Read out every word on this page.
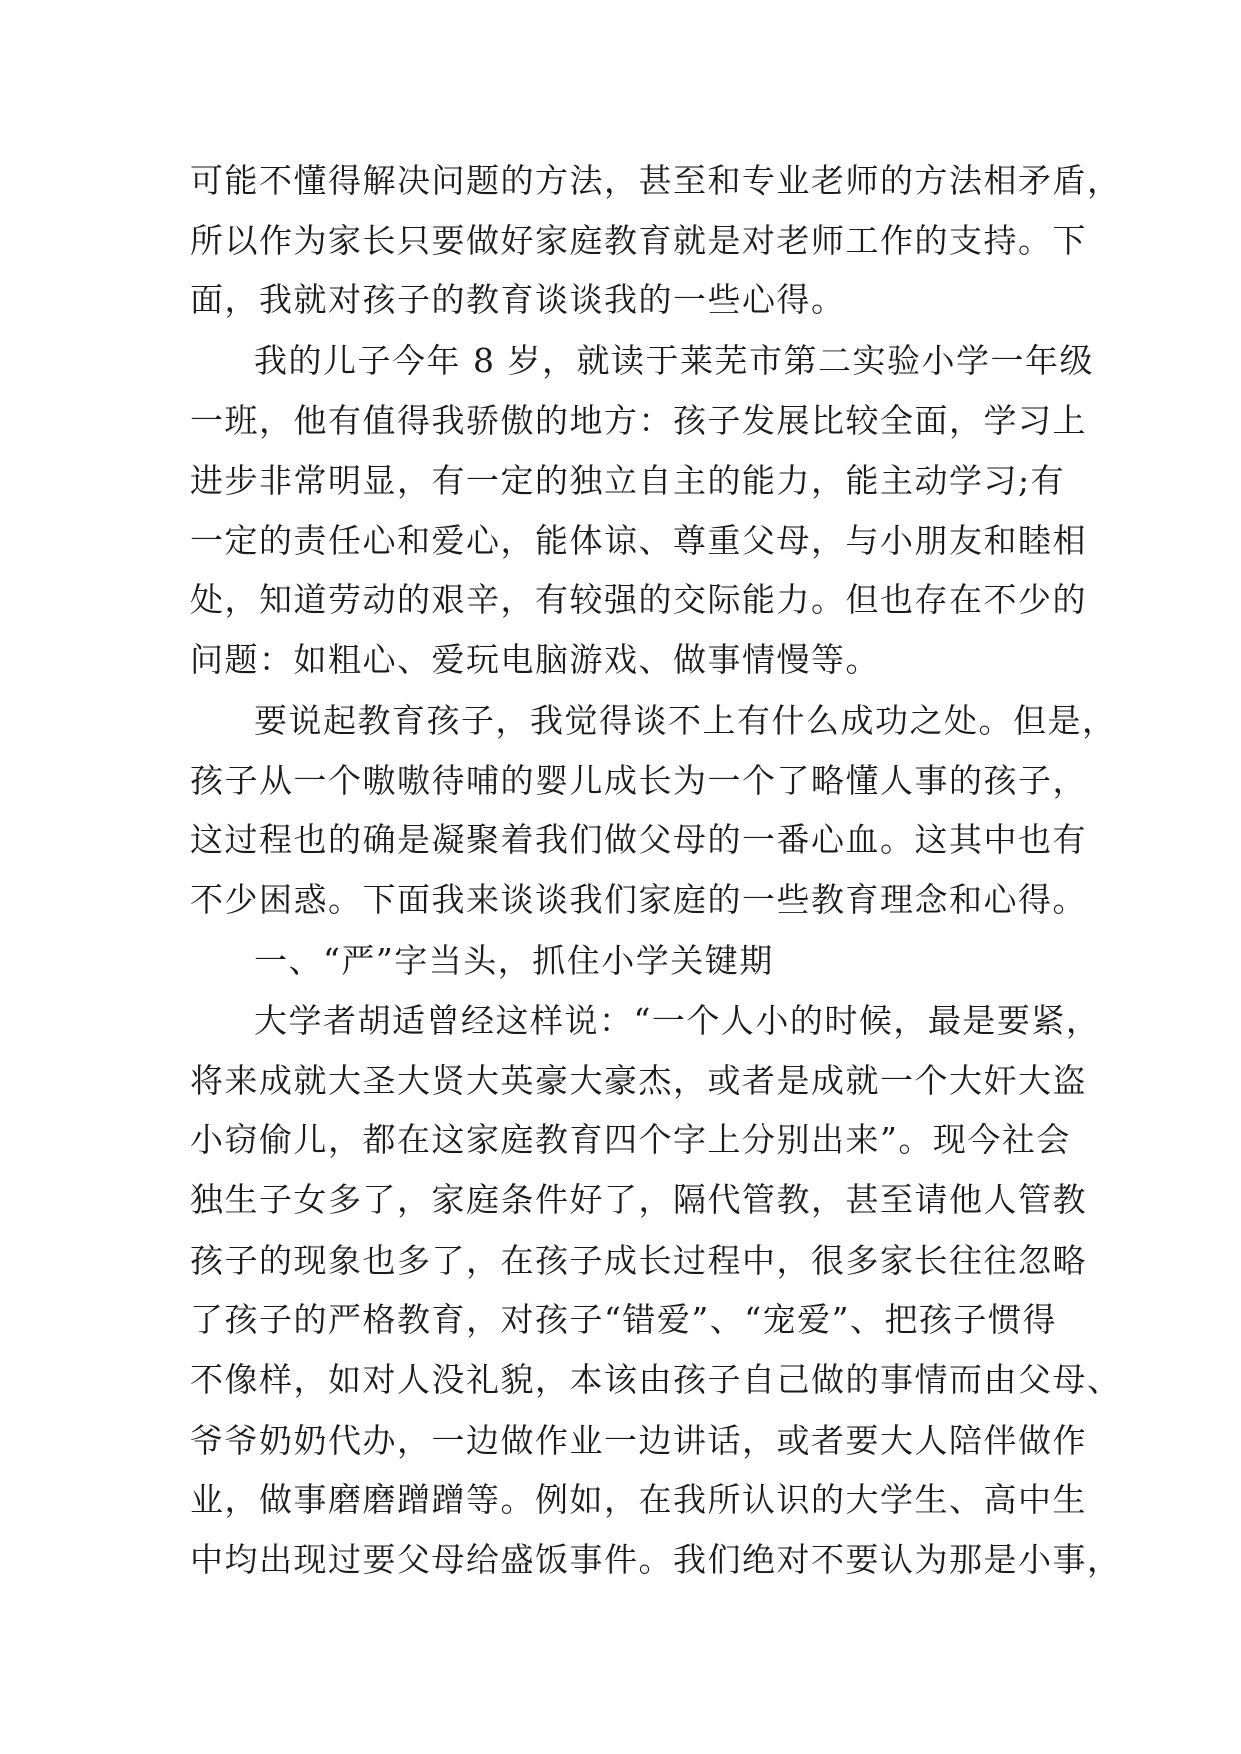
可能不懂得解决问题的方法，甚至和专业老师的方法相矛盾，
所以作为家长只要做好家庭教育就是对老师工作的支持。下
面，我就对孩子的教育谈谈我的一些心得。
我的儿子今年 8 岁，就读于莱芜市第二实验小学一年级
一班，他有值得我骄傲的地方：孩子发展比较全面，学习上
进步非常明显，有一定的独立自主的能力，能主动学习;有
一定的责任心和爱心，能体谅、尊重父母，与小朋友和睦相
处，知道劳动的艰辛，有较强的交际能力。但也存在不少的
问题：如粗心、爱玩电脑游戏、做事情慢等。
要说起教育孩子，我觉得谈不上有什么成功之处。但是，
孩子从一个嗷嗷待哺的婴儿成长为一个了略懂人事的孩子，
这过程也的确是凝聚着我们做父母的一番心血。这其中也有
不少困惑。下面我来谈谈我们家庭的一些教育理念和心得。
一、“严”字当头，抓住小学关键期
大学者胡适曾经这样说：“一个人小的时候，最是要紧，
将来成就大圣大贤大英豪大豪杰，或者是成就一个大奸大盗
小窃偷儿，都在这家庭教育四个字上分别出来”。现今社会
独生子女多了，家庭条件好了，隔代管教，甚至请他人管教
孩子的现象也多了，在孩子成长过程中，很多家长往往忽略
了孩子的严格教育，对孩子“错爱”、“宠爱”、把孩子惯得
不像样，如对人没礼貌，本该由孩子自己做的事情而由父母、
爷爷奶奶代办，一边做作业一边讲话，或者要大人陪伴做作
业，做事磨磨蹭蹭等。例如，在我所认识的大学生、高中生
中均出现过要父母给盛饭事件。我们绝对不要认为那是小事，
